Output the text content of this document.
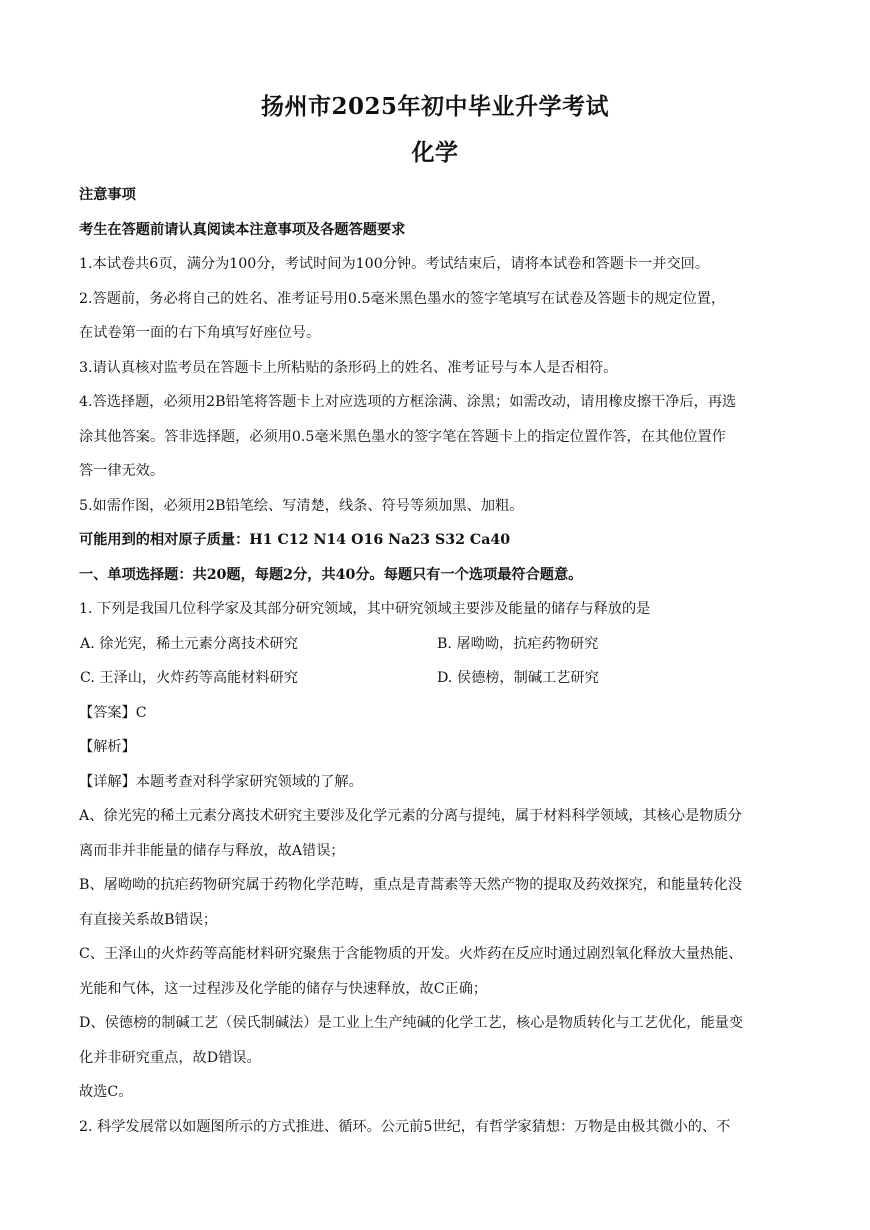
扬州市2025年初中毕业升学考试
化学
注意事项
考生在答题前请认真阅读本注意事项及各题答题要求
1.本试卷共6页，满分为100分，考试时间为100分钟。考试结束后，请将本试卷和答题卡一并交回。
2.答题前，务必将自己的姓名、准考证号用0.5毫米黑色墨水的签字笔填写在试卷及答题卡的规定位置，
在试卷第一面的右下角填写好座位号。
3.请认真核对监考员在答题卡上所粘贴的条形码上的姓名、准考证号与本人是否相符。
4.答选择题，必须用2B铅笔将答题卡上对应选项的方框涂满、涂黑；如需改动，请用橡皮擦干净后，再选
涂其他答案。答非选择题，必须用0.5毫米黑色墨水的签字笔在答题卡上的指定位置作答，在其他位置作
答一律无效。
5.如需作图，必须用2B铅笔绘、写清楚，线条、符号等须加黑、加粗。
可能用到的相对原子质量：H1 C12 N14 O16 Na23 S32 Ca40
一、单项选择题：共20题，每题2分，共40分。每题只有一个选项最符合题意。
1. 下列是我国几位科学家及其部分研究领域，其中研究领域主要涉及能量的储存与释放的是
A. 徐光宪，稀土元素分离技术研究	B. 屠呦呦，抗疟药物研究
C. 王泽山，火炸药等高能材料研究	D. 侯德榜，制碱工艺研究
【答案】C
【解析】
【详解】本题考查对科学家研究领域的了解。
A、徐光宪的稀土元素分离技术研究主要涉及化学元素的分离与提纯，属于材料科学领域，其核心是物质分
离而非并非能量的储存与释放，故A错误；
B、屠呦呦的抗疟药物研究属于药物化学范畴，重点是青蒿素等天然产物的提取及药效探究，和能量转化没
有直接关系故B错误；
C、王泽山的火炸药等高能材料研究聚焦于含能物质的开发。火炸药在反应时通过剧烈氧化释放大量热能、
光能和气体，这一过程涉及化学能的储存与快速释放，故C正确；
D、侯德榜的制碱工艺（侯氏制碱法）是工业上生产纯碱的化学工艺，核心是物质转化与工艺优化，能量变
化并非研究重点，故D错误。
故选C。
2. 科学发展常以如题图所示的方式推进、循环。公元前5世纪，有哲学家猜想：万物是由极其微小的、不
